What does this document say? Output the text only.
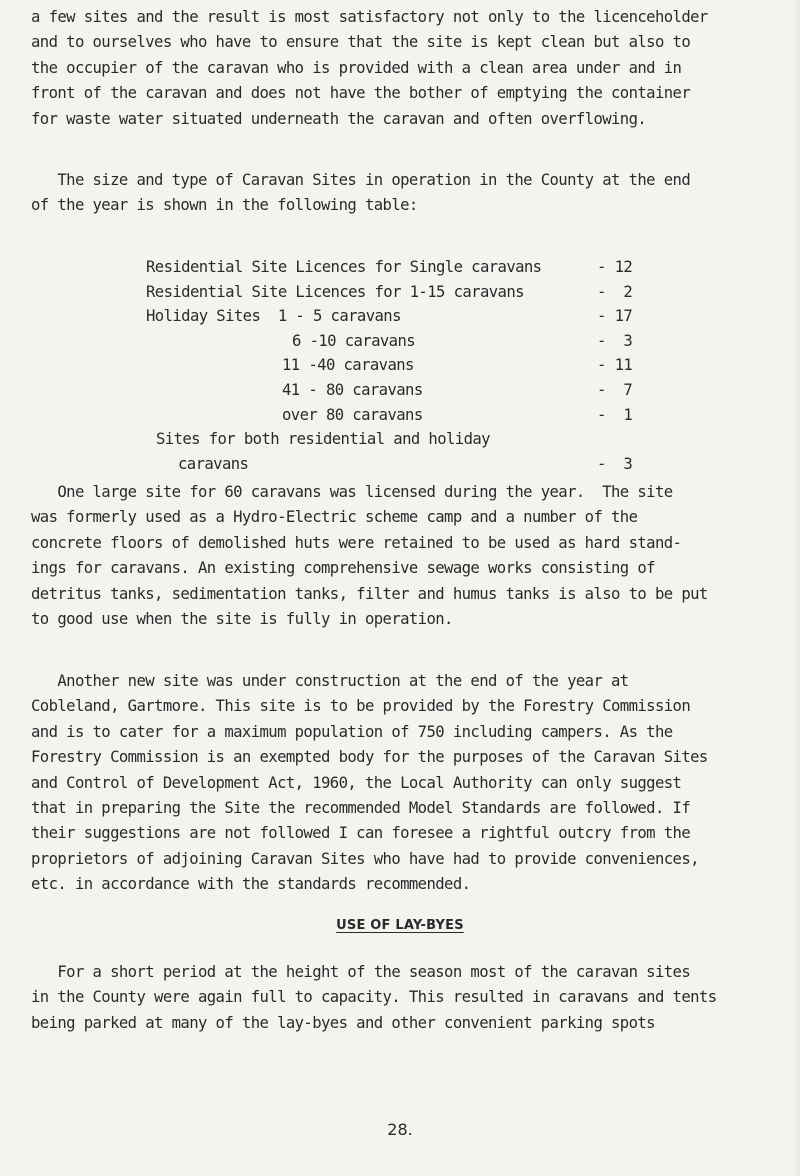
a few sites and the result is most satisfactory not only to the licenceholder
and to ourselves who have to ensure that the site is kept clean but also to
the occupier of the caravan who is provided with a clean area under and in
front of the caravan and does not have the bother of emptying the container
for waste water situated underneath the caravan and often overflowing.
The size and type of Caravan Sites in operation in the County at the end
of the year is shown in the following table:
Residential Site Licences for Single caravans	- 12
Residential Site Licences for 1-15 caravans	-  2
Holiday Sites  1 - 5 caravans	- 17
6 -10 caravans	-  3
11 -40 caravans	- 11
41 - 80 caravans	-  7
over 80 caravans	-  1
Sites for both residential and holiday
caravans	-  3
One large site for 60 caravans was licensed during the year.  The site
was formerly used as a Hydro-Electric scheme camp and a number of the
concrete floors of demolished huts were retained to be used as hard stand-
ings for caravans. An existing comprehensive sewage works consisting of
detritus tanks, sedimentation tanks, filter and humus tanks is also to be put
to good use when the site is fully in operation.
Another new site was under construction at the end of the year at
Cobleland, Gartmore. This site is to be provided by the Forestry Commission
and is to cater for a maximum population of 750 including campers. As the
Forestry Commission is an exempted body for the purposes of the Caravan Sites
and Control of Development Act, 1960, the Local Authority can only suggest
that in preparing the Site the recommended Model Standards are followed. If
their suggestions are not followed I can foresee a rightful outcry from the
proprietors of adjoining Caravan Sites who have had to provide conveniences,
etc. in accordance with the standards recommended.
USE OF LAY-BYES
For a short period at the height of the season most of the caravan sites
in the County were again full to capacity. This resulted in caravans and tents
being parked at many of the lay-byes and other convenient parking spots
28.
